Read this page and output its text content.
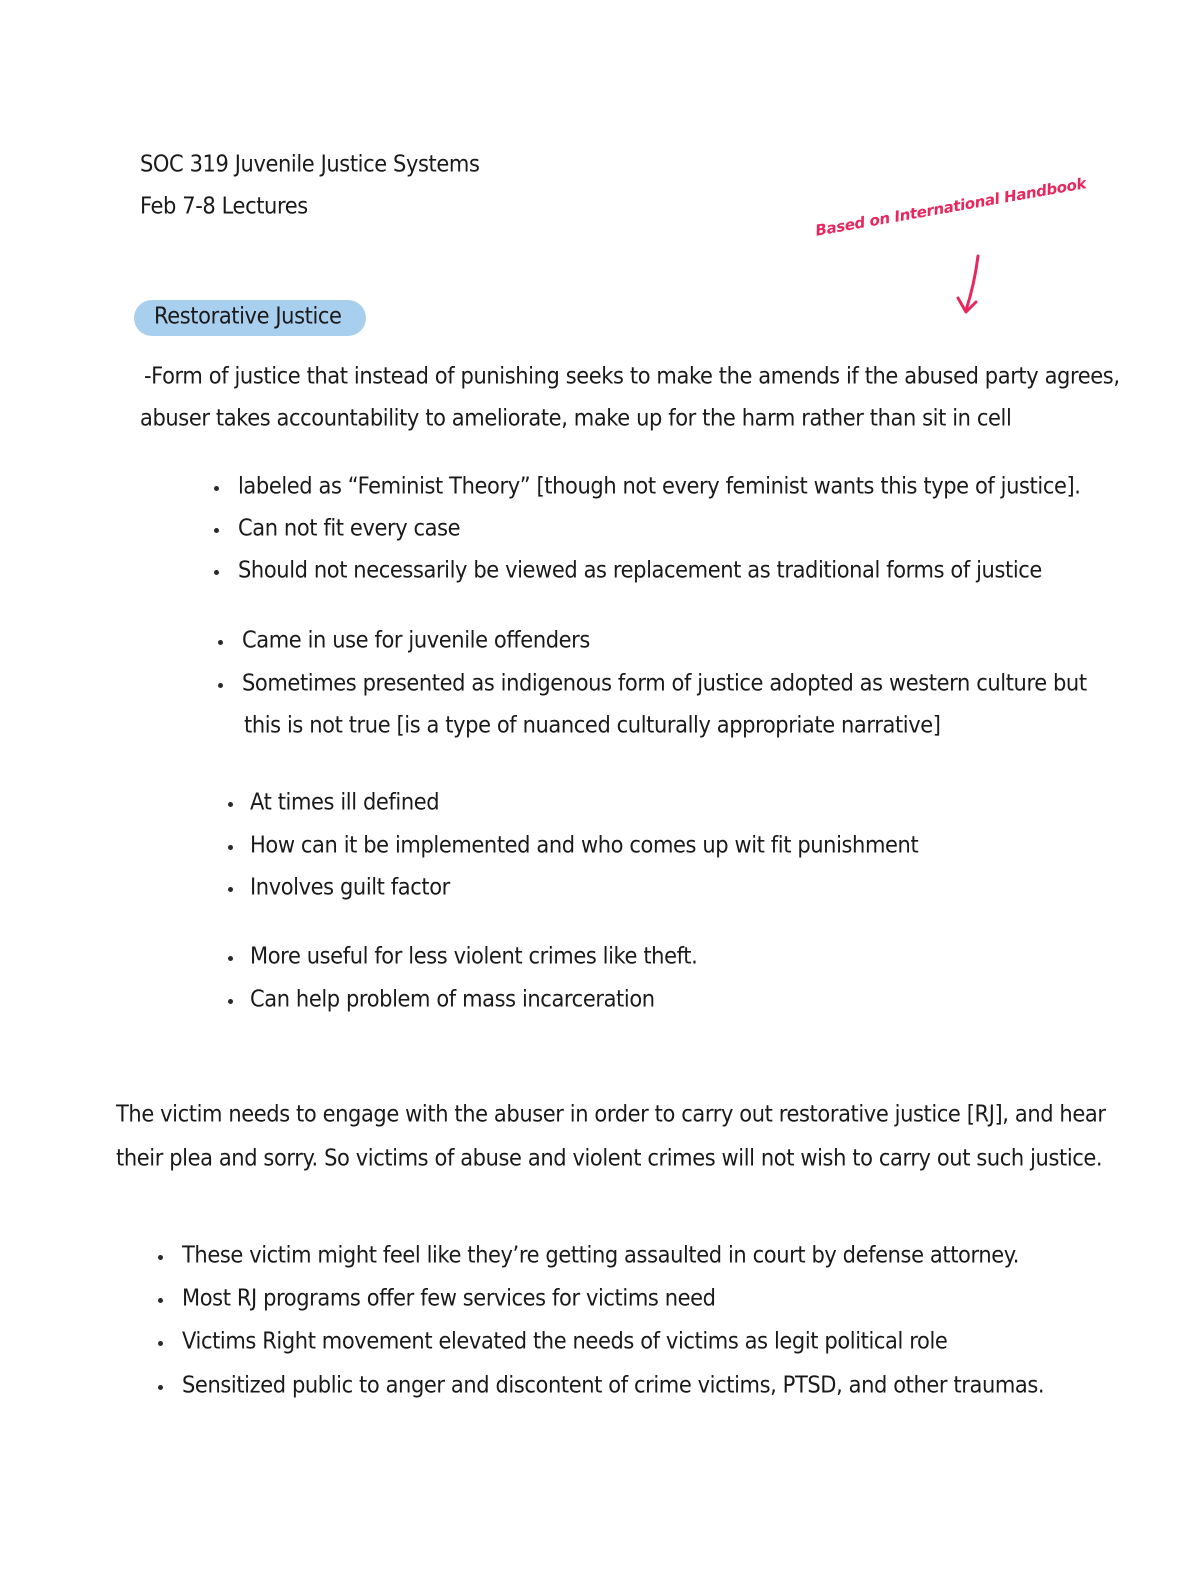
SOC 319 Juvenile Justice Systems
Feb 7-8 Lectures	Based on International Handbook
Restorative Justice
-Form of justice that instead of punishing seeks to make the amends if the abused party agrees,
abuser takes accountability to ameliorate, make up for the harm rather than sit in cell
labeled as “Feminist Theory” [though not every feminist wants this type of justice].
Can not fit every case
Should not necessarily be viewed as replacement as traditional forms of justice
Came in use for juvenile offenders
Sometimes presented as indigenous form of justice adopted as western culture but
this is not true [is a type of nuanced culturally appropriate narrative]
At times ill defined
How can it be implemented and who comes up wit fit punishment
Involves guilt factor
More useful for less violent crimes like theft.
Can help problem of mass incarceration
The victim needs to engage with the abuser in order to carry out restorative justice [RJ], and hear
their plea and sorry. So victims of abuse and violent crimes will not wish to carry out such justice.
These victim might feel like they’re getting assaulted in court by defense attorney.
Most RJ programs offer few services for victims need
Victims Right movement elevated the needs of victims as legit political role
Sensitized public to anger and discontent of crime victims, PTSD, and other traumas.
